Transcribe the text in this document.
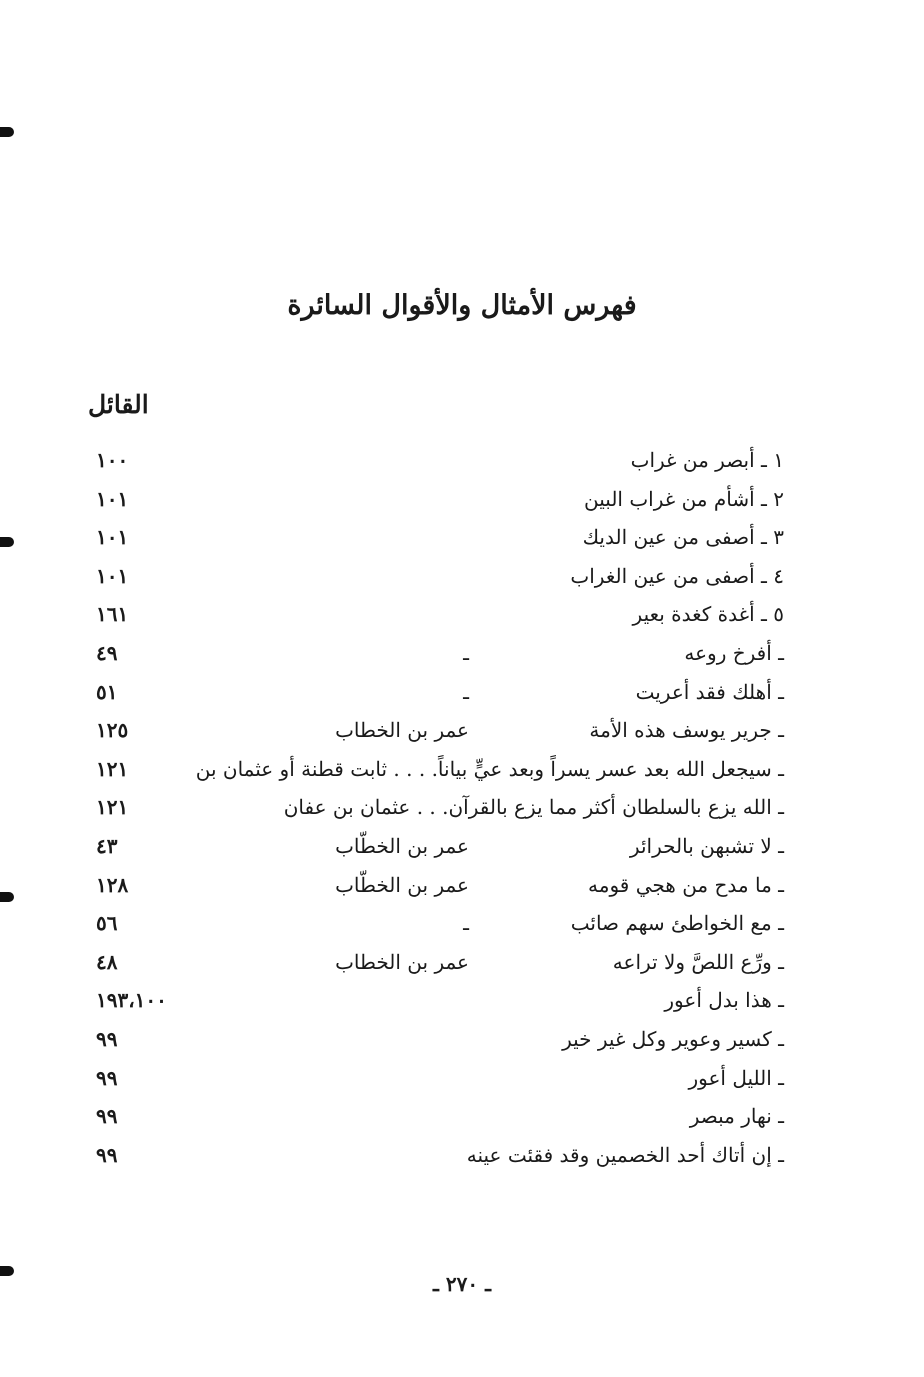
فهرس الأمثال والأقوال السائرة
القائل
١ ـ أبصر من غراب
١٠٠
٢ ـ أشأم من غراب البين
١٠١
٣ ـ أصفى من عين الديك
١٠١
٤ ـ أصفى من عين الغراب
١٠١
٥ ـ أغدة كغدة بعير
١٦١
ـ أفرخ روعه
ـ
٤٩
ـ أهلك فقد أعريت
ـ
٥١
ـ جرير يوسف هذه الأمة
عمر بن الخطاب
١٢٥
ـ سيجعل الله بعد عسر يسراً وبعد عيٍّ بياناً. . . . ثابت قطنة أو عثمان بن
١٢١
ـ الله يزع بالسلطان أكثر مما يزع بالقرآن. . . عثمان بن عفان
١٢١
ـ لا تشبهن بالحرائر
عمر بن الخطّاب
٤٣
ـ ما مدح من هجي قومه
عمر بن الخطّاب
١٢٨
ـ مع الخواطئ سهم صائب
ـ
٥٦
ـ ورِّع اللصَّ ولا تراعه
عمر بن الخطاب
٤٨
ـ هذا بدل أعور
١٩٣،١٠٠
ـ كسير وعوير وكل غير خير
٩٩
ـ الليل أعور
٩٩
ـ نهار مبصر
٩٩
ـ إن أتاك أحد الخصمين وقد فقئت عينه
٩٩
ـ ٢٧٠ ـ
